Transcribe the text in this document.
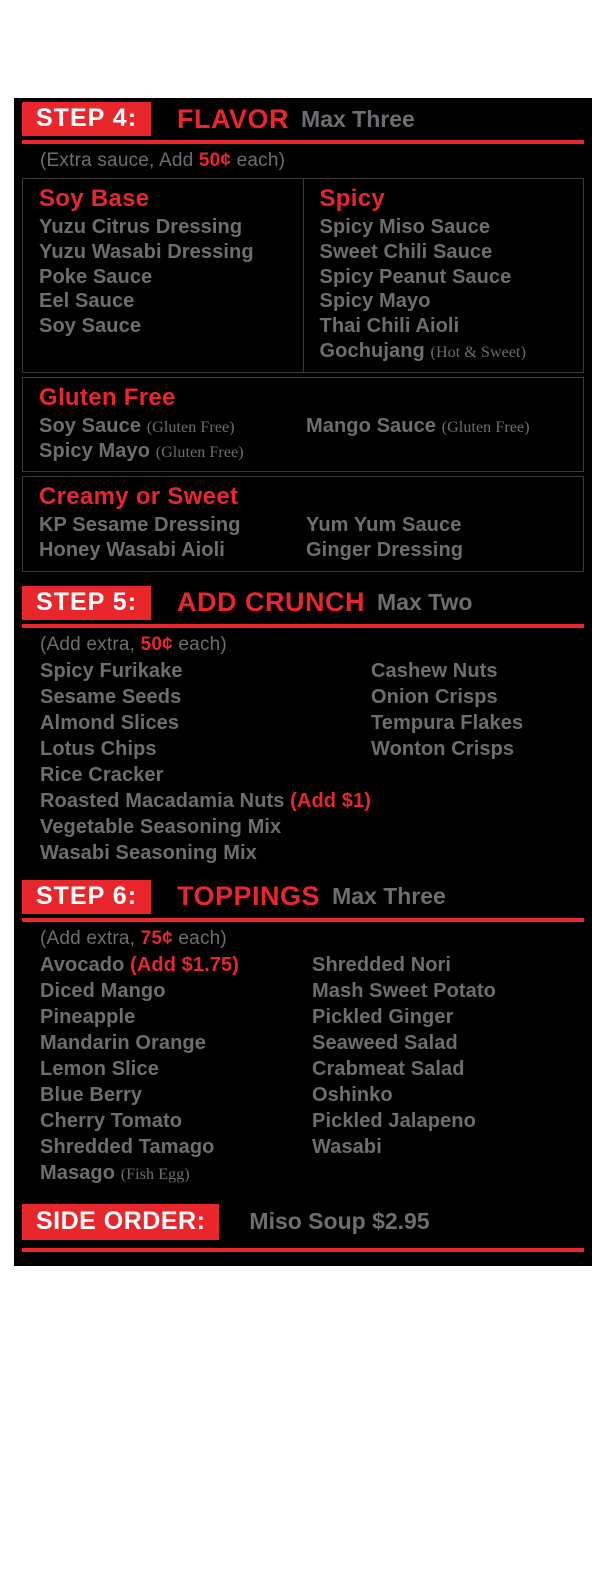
STEP 4:	FLAVOR Max Three
(Extra sauce, Add 50¢ each)
Soy Base
Yuzu Citrus Dressing
Yuzu Wasabi Dressing
Poke Sauce
Eel Sauce
Soy Sauce
Spicy
Spicy Miso Sauce
Sweet Chili Sauce
Spicy Peanut Sauce
Spicy Mayo
Thai Chili Aioli
Gochujang (Hot & Sweet)
Gluten Free
Soy Sauce (Gluten Free)
Spicy Mayo (Gluten Free)
Mango Sauce (Gluten Free)
Creamy or Sweet
KP Sesame Dressing
Honey Wasabi Aioli
Yum Yum Sauce
Ginger Dressing
STEP 5:	ADD CRUNCH Max Two
(Add extra, 50¢ each)
Spicy Furikake
Sesame Seeds
Almond Slices
Lotus Chips
Rice Cracker
Roasted Macadamia Nuts (Add $1)
Vegetable Seasoning Mix
Wasabi Seasoning Mix
Cashew Nuts
Onion Crisps
Tempura Flakes
Wonton Crisps
STEP 6:	TOPPINGS Max Three
(Add extra, 75¢ each)
Avocado (Add $1.75)
Diced Mango
Pineapple
Mandarin Orange
Lemon Slice
Blue Berry
Cherry Tomato
Shredded Tamago
Masago (Fish Egg)
Shredded Nori
Mash Sweet Potato
Pickled Ginger
Seaweed Salad
Crabmeat Salad
Oshinko
Pickled Jalapeno
Wasabi
SIDE ORDER:	Miso Soup $2.95
